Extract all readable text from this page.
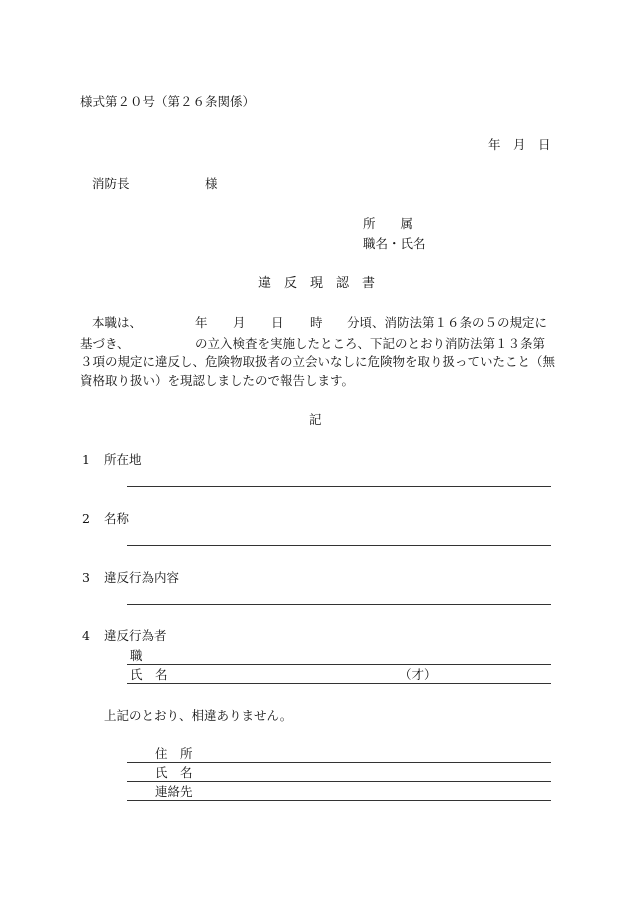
様式第２０号（第２６条関係）
年 月 日
消防長	様
所　　属
職名・氏名
違　反　現　認　書
本職は、	年 月 日 時 分頃、消防法第１６条の５の規定に
基づき、	の立入検査を実施したところ、下記のとおり消防法第１３条第
３項の規定に違反し、危険物取扱者の立会いなしに危険物を取り扱っていたこと（無
資格取り扱い）を現認しましたので報告します。
記
1 所在地
2 名称
3 違反行為内容
4 違反行為者
職
氏　名	（才）
上記のとおり、相違ありません。
住　所
氏　名
連絡先
